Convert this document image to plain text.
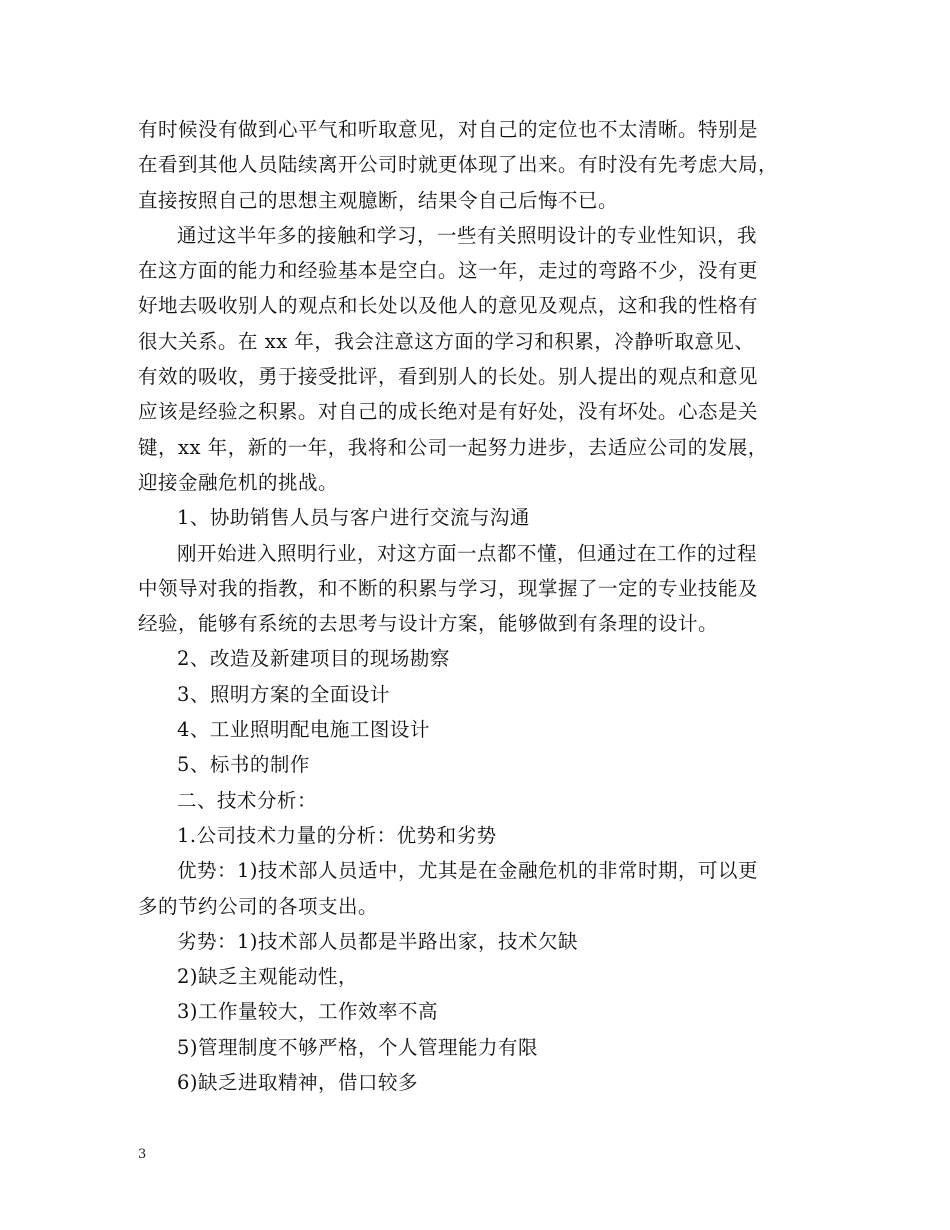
有时候没有做到心平气和听取意见，对自己的定位也不太清晰。特别是
在看到其他人员陆续离开公司时就更体现了出来。有时没有先考虑大局，
直接按照自己的思想主观臆断，结果令自己后悔不已。
通过这半年多的接触和学习，一些有关照明设计的专业性知识，我
在这方面的能力和经验基本是空白。这一年，走过的弯路不少，没有更
好地去吸收别人的观点和长处以及他人的意见及观点，这和我的性格有
很大关系。在 xx 年，我会注意这方面的学习和积累，冷静听取意见、
有效的吸收，勇于接受批评，看到别人的长处。别人提出的观点和意见
应该是经验之积累。对自己的成长绝对是有好处，没有坏处。心态是关
键，xx 年，新的一年，我将和公司一起努力进步，去适应公司的发展，
迎接金融危机的挑战。
1、协助销售人员与客户进行交流与沟通
刚开始进入照明行业，对这方面一点都不懂，但通过在工作的过程
中领导对我的指教，和不断的积累与学习，现掌握了一定的专业技能及
经验，能够有系统的去思考与设计方案，能够做到有条理的设计。
2、改造及新建项目的现场勘察
3、照明方案的全面设计
4、工业照明配电施工图设计
5、标书的制作
二、技术分析：
1.公司技术力量的分析：优势和劣势
优势：1)技术部人员适中，尤其是在金融危机的非常时期，可以更
多的节约公司的各项支出。
劣势：1)技术部人员都是半路出家，技术欠缺
2)缺乏主观能动性，
3)工作量较大，工作效率不高
5)管理制度不够严格，个人管理能力有限
6)缺乏进取精神，借口较多
3
